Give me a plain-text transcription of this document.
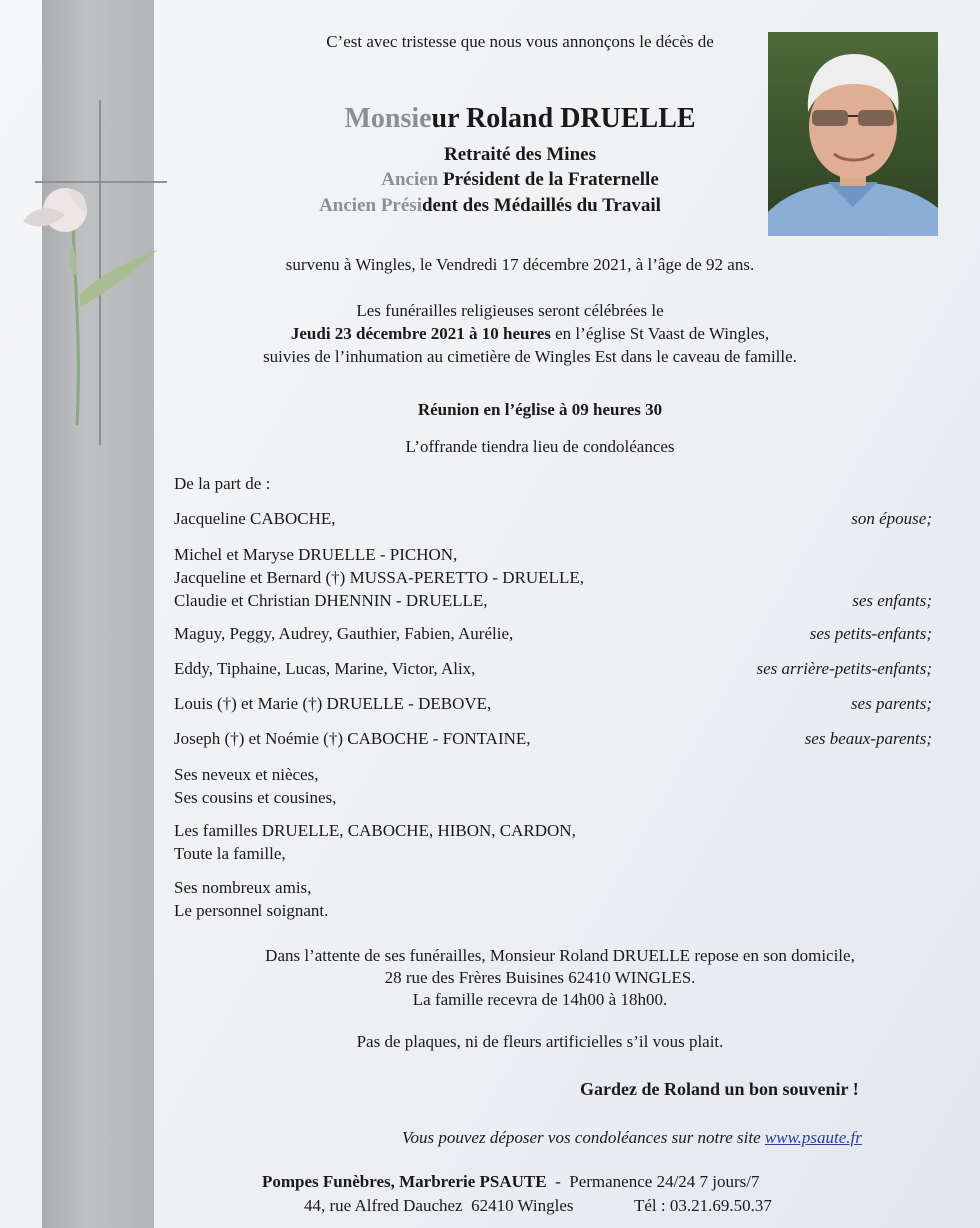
C’est avec tristesse que nous vous annonçons le décès de
Monsieur Roland DRUELLE
Retraité des Mines
Ancien Président de la Fraternelle
Ancien Président des Médaillés du Travail
survenu à Wingles, le Vendredi 17 décembre 2021, à l’âge de 92 ans.
Les funérailles religieuses seront célébrées le
Jeudi 23 décembre 2021 à 10 heures en l’église St Vaast de Wingles,
suivies de l’inhumation au cimetière de Wingles Est dans le caveau de famille.
Réunion en l’église à 09 heures 30
L’offrande tiendra lieu de condoléances
De la part de :
Jacqueline CABOCHE,	son épouse;
Michel et Maryse DRUELLE - PICHON,
Jacqueline et Bernard (†) MUSSA-PERETTO - DRUELLE,
Claudie et Christian DHENNIN - DRUELLE,	ses enfants;
Maguy, Peggy, Audrey, Gauthier, Fabien, Aurélie,	ses petits-enfants;
Eddy, Tiphaine, Lucas, Marine, Victor, Alix,	ses arrière-petits-enfants;
Louis (†) et Marie (†) DRUELLE - DEBOVE,	ses parents;
Joseph (†) et Noémie (†) CABOCHE - FONTAINE,	ses beaux-parents;
Ses neveux et nièces,
Ses cousins et cousines,
Les familles DRUELLE, CABOCHE, HIBON, CARDON,
Toute la famille,
Ses nombreux amis,
Le personnel soignant.
Dans l’attente de ses funérailles, Monsieur Roland DRUELLE repose en son domicile,
28 rue des Frères Buisines 62410 WINGLES.
La famille recevra de 14h00 à 18h00.
Pas de plaques, ni de fleurs artificielles s’il vous plait.
Gardez de Roland un bon souvenir !
Vous pouvez déposer vos condoléances sur notre site www.psaute.fr
Pompes Funèbres, Marbrerie PSAUTE  -  Permanence 24/24 7 jours/7
44, rue Alfred Dauchez  62410 Wingles	Tél : 03.21.69.50.37
